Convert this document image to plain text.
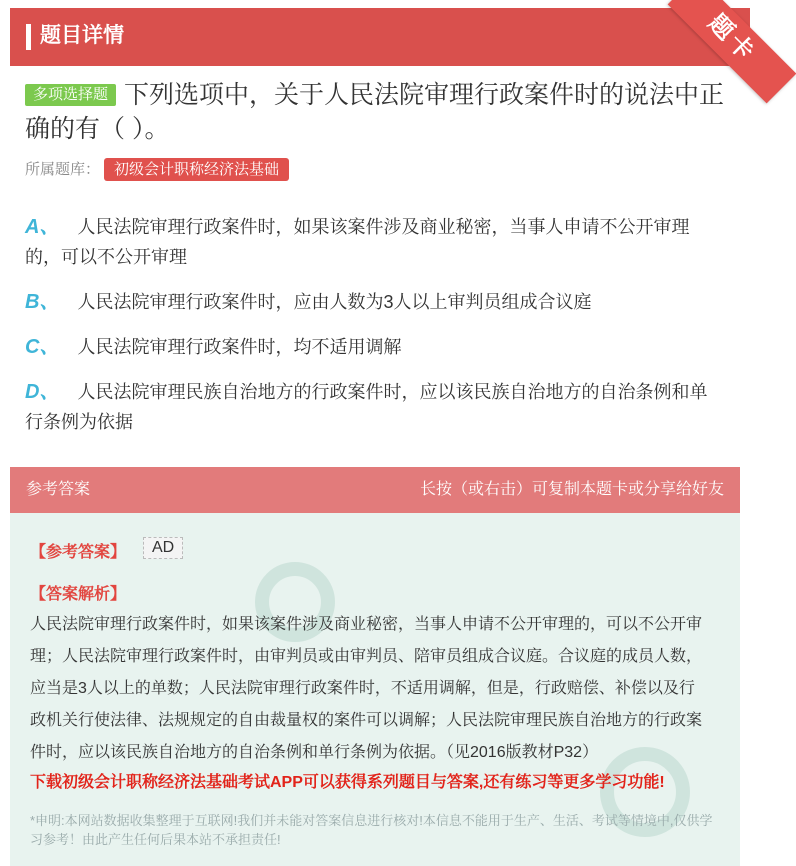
题目详情	题卡
多项选择题 下列选项中，关于人民法院审理行政案件时的说法中正确的有（ ）。
所属题库： 初级会计职称经济法基础
A、 人民法院审理行政案件时，如果该案件涉及商业秘密，当事人申请不公开审理的，可以不公开审理
B、 人民法院审理行政案件时，应由人数为3人以上审判员组成合议庭
C、 人民法院审理行政案件时，均不适用调解
D、 人民法院审理民族自治地方的行政案件时，应以该民族自治地方的自治条例和单行条例为依据
参考答案	长按（或右击）可复制本题卡或分享给好友
【参考答案】	AD
【答案解析】
人民法院审理行政案件时，如果该案件涉及商业秘密，当事人申请不公开审理的，可以不公开审理；人民法院审理行政案件时，由审判员或由审判员、陪审员组成合议庭。合议庭的成员人数，应当是3人以上的单数；人民法院审理行政案件时，不适用调解，但是，行政赔偿、补偿以及行政机关行使法律、法规规定的自由裁量权的案件可以调解；人民法院审理民族自治地方的行政案件时，应以该民族自治地方的自治条例和单行条例为依据。（见2016版教材P32）
下载初级会计职称经济法基础考试APP可以获得系列题目与答案,还有练习等更多学习功能!
*申明:本网站数据收集整理于互联网!我们并未能对答案信息进行核对!本信息不能用于生产、生活、考试等情境中,仅供学习参考！由此产生任何后果本站不承担责任!
